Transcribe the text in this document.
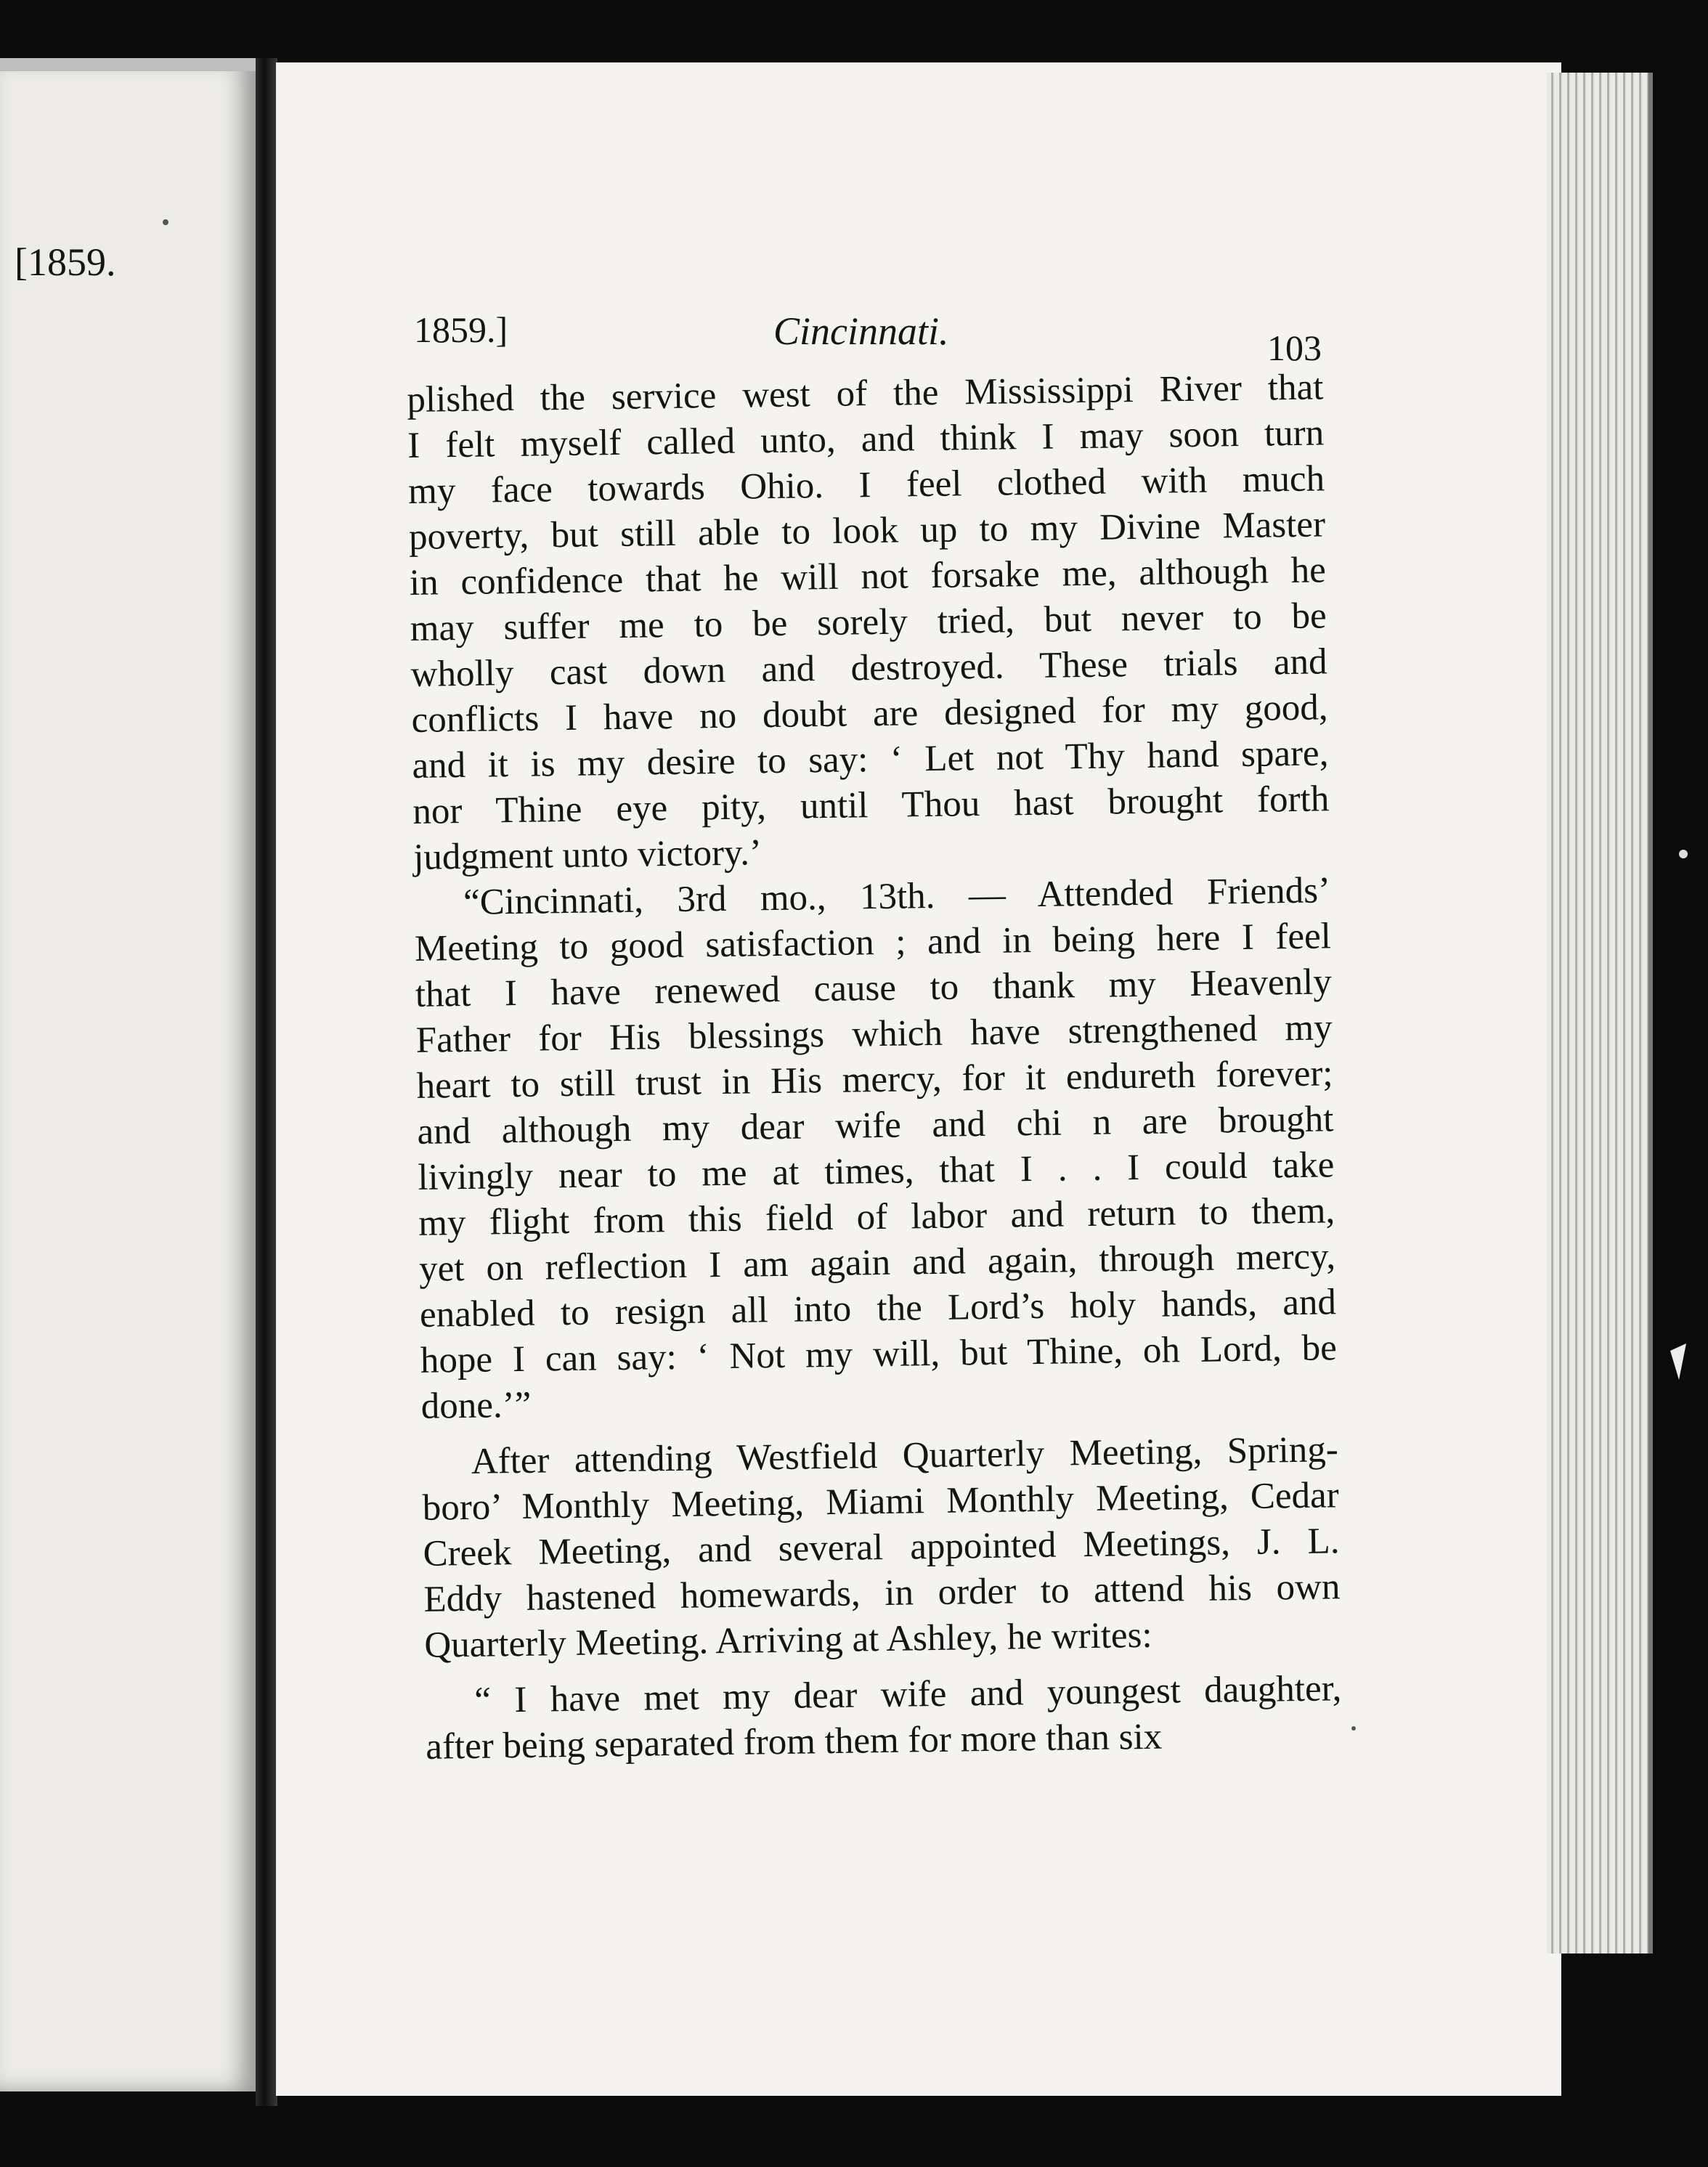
[1859.
1859.]	Cincinnati.	103
plished the service west of the Mississippi River that
I felt myself called unto, and think I may soon turn
my face towards Ohio. I feel clothed with much
poverty, but still able to look up to my Divine Master
in confidence that he will not forsake me, although he
may suffer me to be sorely tried, but never to be
wholly cast down and destroyed. These trials and
conflicts I have no doubt are designed for my good,
and it is my desire to say: ‘ Let not Thy hand spare,
nor Thine eye pity, until Thou hast brought forth
judgment unto victory.’
“Cincinnati, 3rd mo., 13th. — Attended Friends’
Meeting to good satisfaction ; and in being here I feel
that I have renewed cause to thank my Heavenly
Father for His blessings which have strengthened my
heart to still trust in His mercy, for it endureth forever;
and although my dear wife and chi n are brought
livingly near to me at times, that I . . I could take
my flight from this field of labor and return to them,
yet on reflection I am again and again, through mercy,
enabled to resign all into the Lord’s holy hands, and
hope I can say: ‘ Not my will, but Thine, oh Lord, be
done.’”
After attending Westfield Quarterly Meeting, Spring-
boro’ Monthly Meeting, Miami Monthly Meeting, Cedar
Creek Meeting, and several appointed Meetings, J. L.
Eddy hastened homewards, in order to attend his own
Quarterly Meeting. Arriving at Ashley, he writes:
“ I have met my dear wife and youngest daughter,
after being separated from them for more than six
